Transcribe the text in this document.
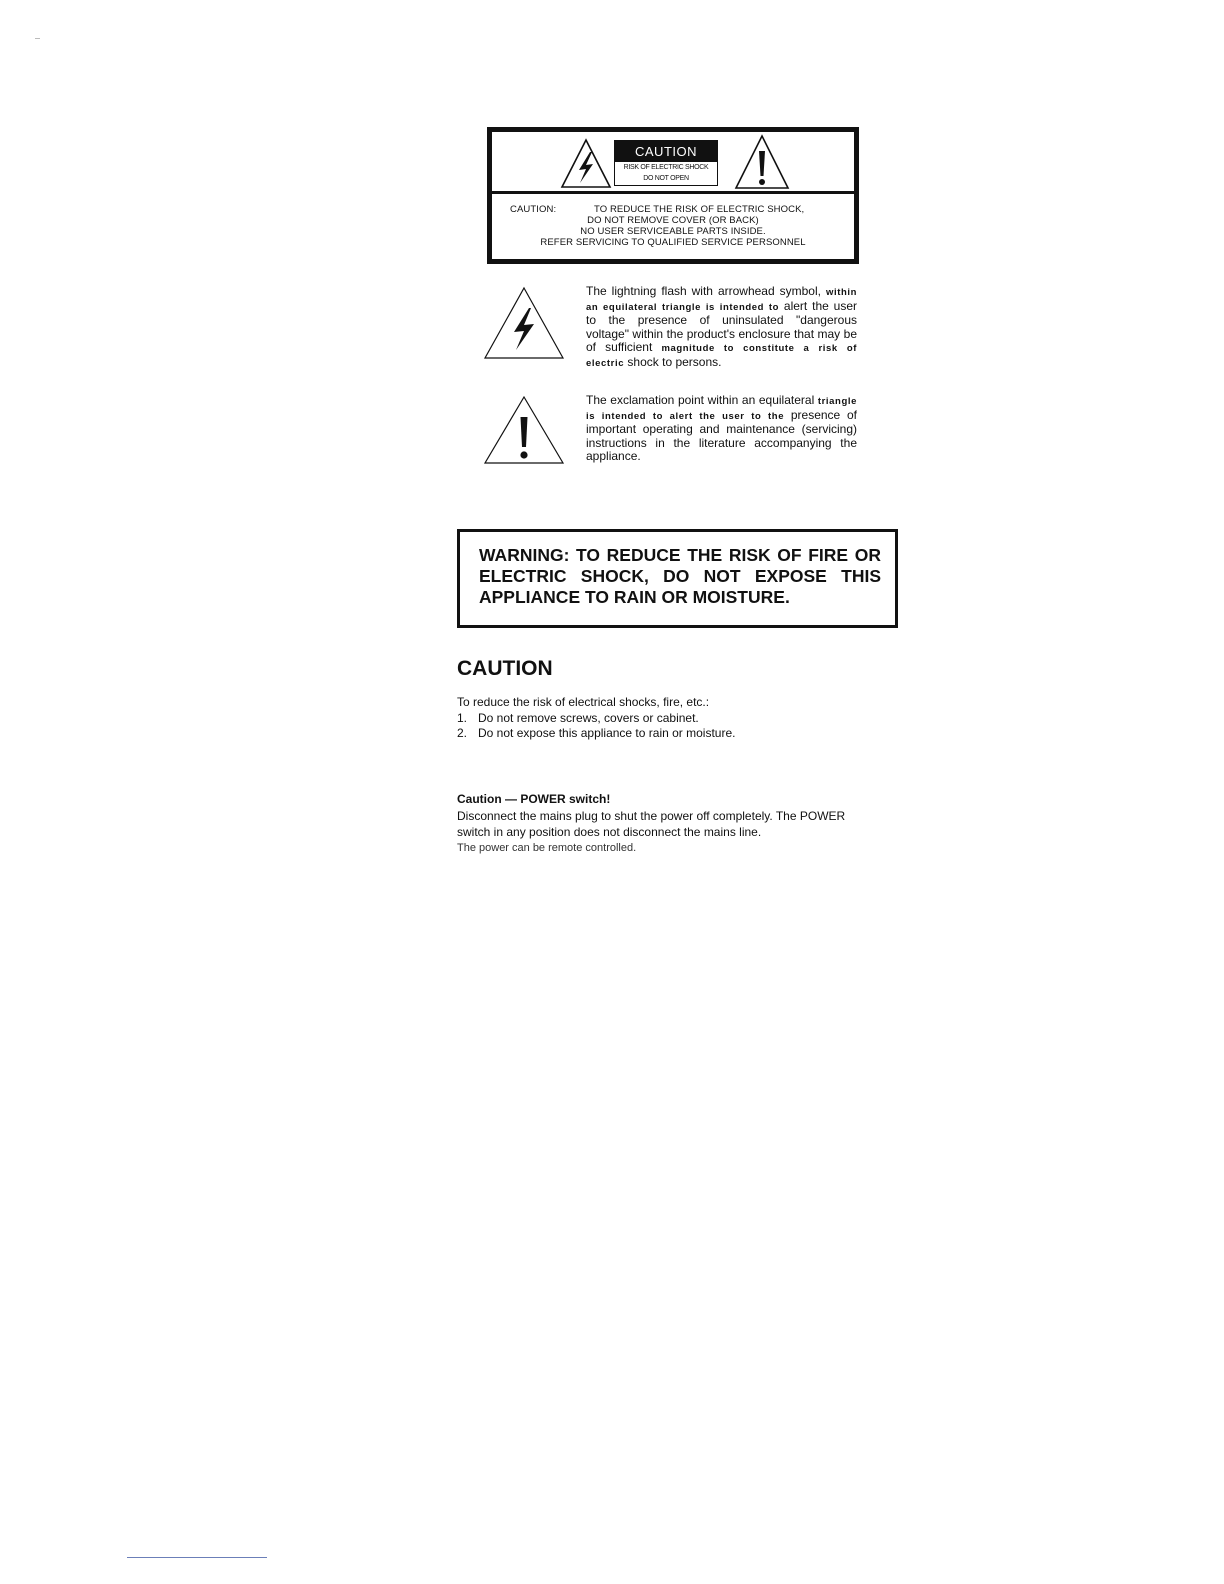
CAUTION
RISK OF ELECTRIC SHOCK
DO NOT OPEN
CAUTION:	TO REDUCE THE RISK OF ELECTRIC SHOCK,
DO NOT REMOVE COVER (OR BACK)
NO USER SERVICEABLE PARTS INSIDE.
REFER SERVICING TO QUALIFIED SERVICE PERSONNEL
The lightning flash with arrowhead symbol, within an equilateral triangle is intended to alert the user to the presence of uninsulated "dangerous voltage" within the product's enclosure that may be of sufficient magnitude to constitute a risk of electric shock to persons.
The exclamation point within an equilateral triangle is intended to alert the user to the presence of important operating and maintenance (servicing) instructions in the literature accompanying the appliance.
WARNING: TO REDUCE THE RISK OF FIRE OR ELECTRIC SHOCK, DO NOT EXPOSE THIS APPLIANCE TO RAIN OR MOISTURE.
CAUTION
To reduce the risk of electrical shocks, fire, etc.:
1. Do not remove screws, covers or cabinet.
2. Do not expose this appliance to rain or moisture.
Caution — POWER switch!
Disconnect the mains plug to shut the power off completely. The POWER switch in any position does not disconnect the mains line.
The power can be remote controlled.
